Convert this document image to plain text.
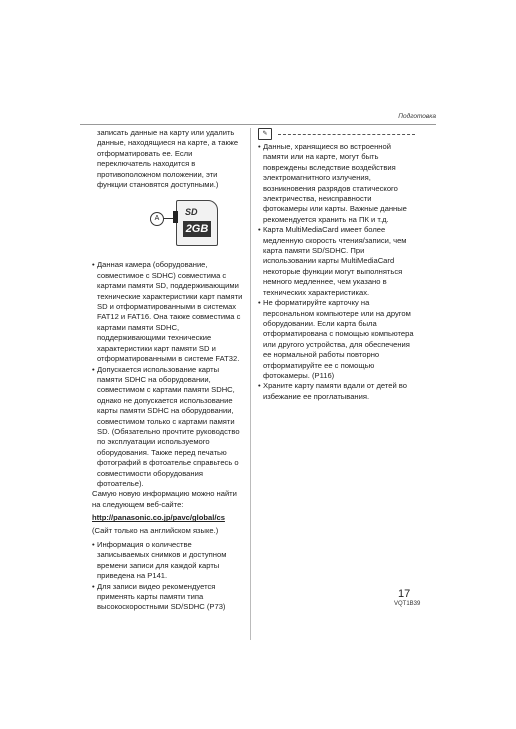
Подготовка
записать данные на карту или удалить данные, находящиеся на карте, а также отформатировать ее. Если переключатель находится в противоположном положении, эти функции становятся доступными.)
A
SD
2GB
• Данная камера (оборудование, совместимое с SDHC) совместима с картами памяти SD, поддерживающими технические характеристики карт памяти SD и отформатированными в системах FAT12 и FAT16. Она также совместима с картами памяти SDHC, поддерживающими технические характеристики карт памяти SD и отформатированными в системе FAT32.
• Допускается использование карты памяти SDHC на оборудовании, совместимом с картами памяти SDHC, однако не допускается использование карты памяти SDHC на оборудовании, совместимом только с картами памяти SD. (Обязательно прочтите руководство по эксплуатации используемого оборудования. Также перед печатью фотографий в фотоателье справьтесь о совместимости оборудования фотоателье).
Самую новую информацию можно найти на следующем веб-сайте:
http://panasonic.co.jp/pavc/global/cs
(Сайт только на английском языке.)
• Информация о количестве записываемых снимков и доступном времени записи для каждой карты приведена на P141.
• Для записи видео рекомендуется применять карты памяти типа высокоскоростными SD/SDHC (P73)
✎
• Данные, хранящиеся во встроенной памяти или на карте, могут быть повреждены вследствие воздействия электромагнитного излучения, возникновения разрядов статического электричества, неисправности фотокамеры или карты. Важные данные рекомендуется хранить на ПК и т.д.
• Карта MultiMediaCard имеет более медленную скорость чтения/записи, чем карта памяти SD/SDHC. При использовании карты MultiMediaCard некоторые функции могут выполняться немного медленнее, чем указано в технических характеристиках.
• Не форматируйте карточку на персональном компьютере или на другом оборудовании. Если карта была отформатирована с помощью компьютера или другого устройства, для обеспечения ее нормальной работы повторно отформатируйте ее с помощью фотокамеры. (P116)
• Храните карту памяти вдали от детей во избежание ее проглатывания.
17
VQT1B39
